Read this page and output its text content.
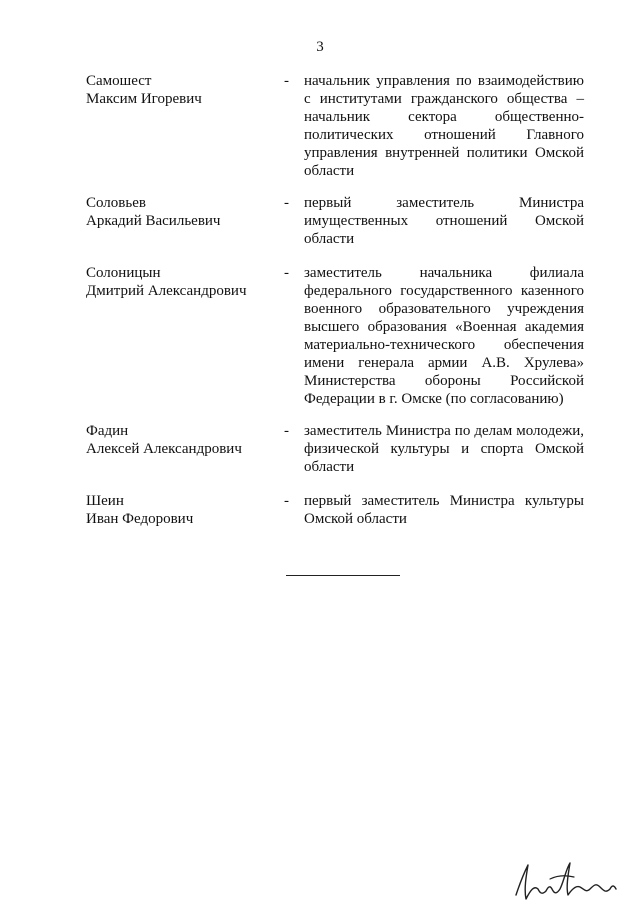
3
Самошест
Максим Игоревич
- начальник управления по взаимодействию с институтами гражданского общества – начальник сектора общественно-политических отношений Главного управления внутренней политики Омской области
Соловьев
Аркадий Васильевич
- первый заместитель Министра имущественных отношений Омской области
Солоницын
Дмитрий Александрович
- заместитель начальника филиала федерального государственного казенного военного образовательного учреждения высшего образования «Военная академия материально-технического обеспечения имени генерала армии А.В. Хрулева» Министерства обороны Российской Федерации в г. Омске (по согласованию)
Фадин
Алексей Александрович
- заместитель Министра по делам молодежи, физической культуры и спорта Омской области
Шеин
Иван Федорович
- первый заместитель Министра культуры Омской области
